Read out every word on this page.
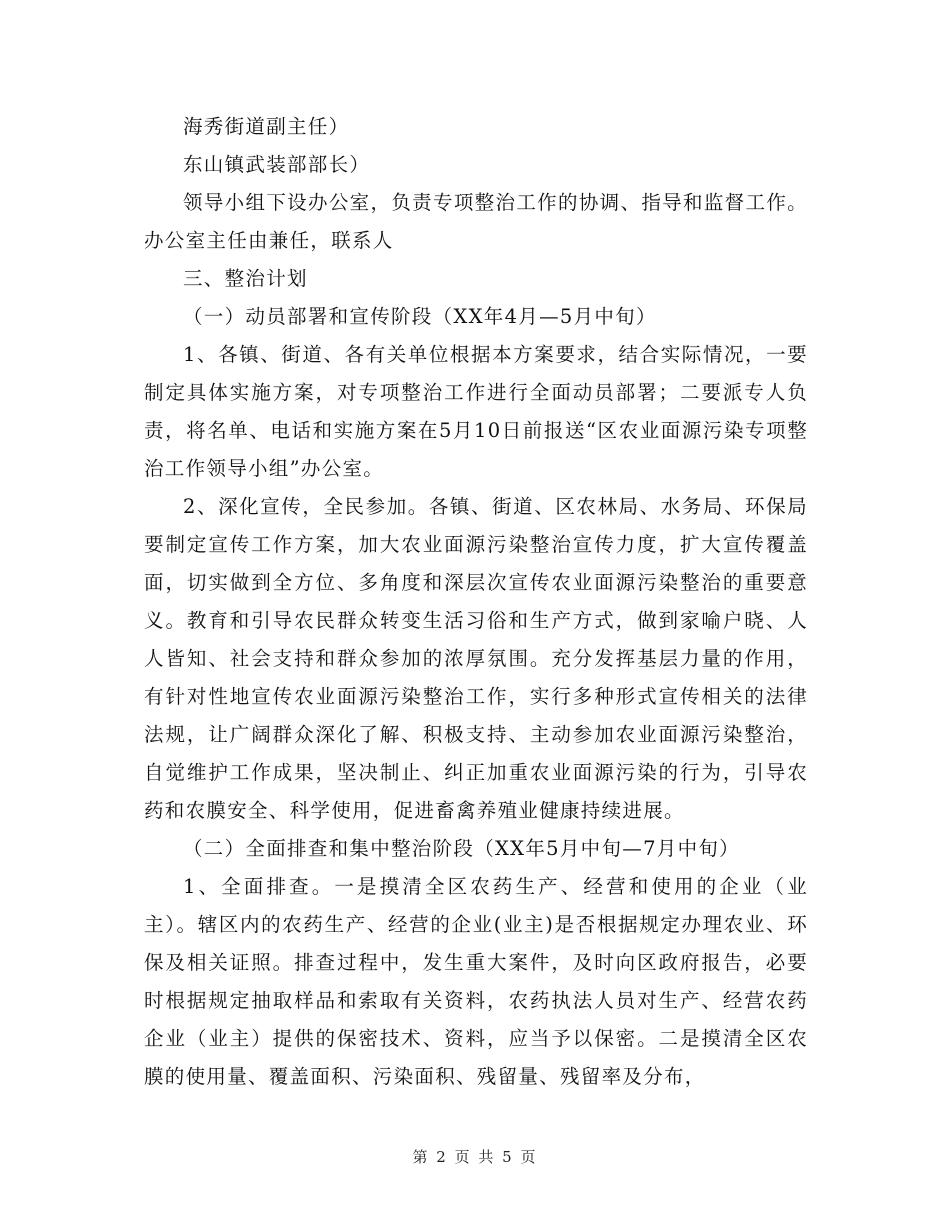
海秀街道副主任）

东山镇武装部部长）

领导小组下设办公室，负责专项整治工作的协调、指导和监督工作。办公室主任由兼任，联系人

三、整治计划

（一）动员部署和宣传阶段（XX年4月—5月中旬）

1、各镇、街道、各有关单位根据本方案要求，结合实际情况，一要制定具体实施方案，对专项整治工作进行全面动员部署；二要派专人负责，将名单、电话和实施方案在5月10日前报送“区农业面源污染专项整治工作领导小组”办公室。

2、深化宣传，全民参加。各镇、街道、区农林局、水务局、环保局要制定宣传工作方案，加大农业面源污染整治宣传力度，扩大宣传覆盖面，切实做到全方位、多角度和深层次宣传农业面源污染整治的重要意义。教育和引导农民群众转变生活习俗和生产方式，做到家喻户晓、人人皆知、社会支持和群众参加的浓厚氛围。充分发挥基层力量的作用，有针对性地宣传农业面源污染整治工作，实行多种形式宣传相关的法律法规，让广阔群众深化了解、积极支持、主动参加农业面源污染整治，自觉维护工作成果，坚决制止、纠正加重农业面源污染的行为，引导农药和农膜安全、科学使用，促进畜禽养殖业健康持续进展。

（二）全面排查和集中整治阶段（XX年5月中旬—7月中旬）

1、全面排查。一是摸清全区农药生产、经营和使用的企业（业主）。辖区内的农药生产、经营的企业(业主)是否根据规定办理农业、环保及相关证照。排查过程中，发生重大案件，及时向区政府报告，必要时根据规定抽取样品和索取有关资料，农药执法人员对生产、经营农药企业（业主）提供的保密技术、资料，应当予以保密。二是摸清全区农膜的使用量、覆盖面积、污染面积、残留量、残留率及分布，

第 2 页 共 5 页
